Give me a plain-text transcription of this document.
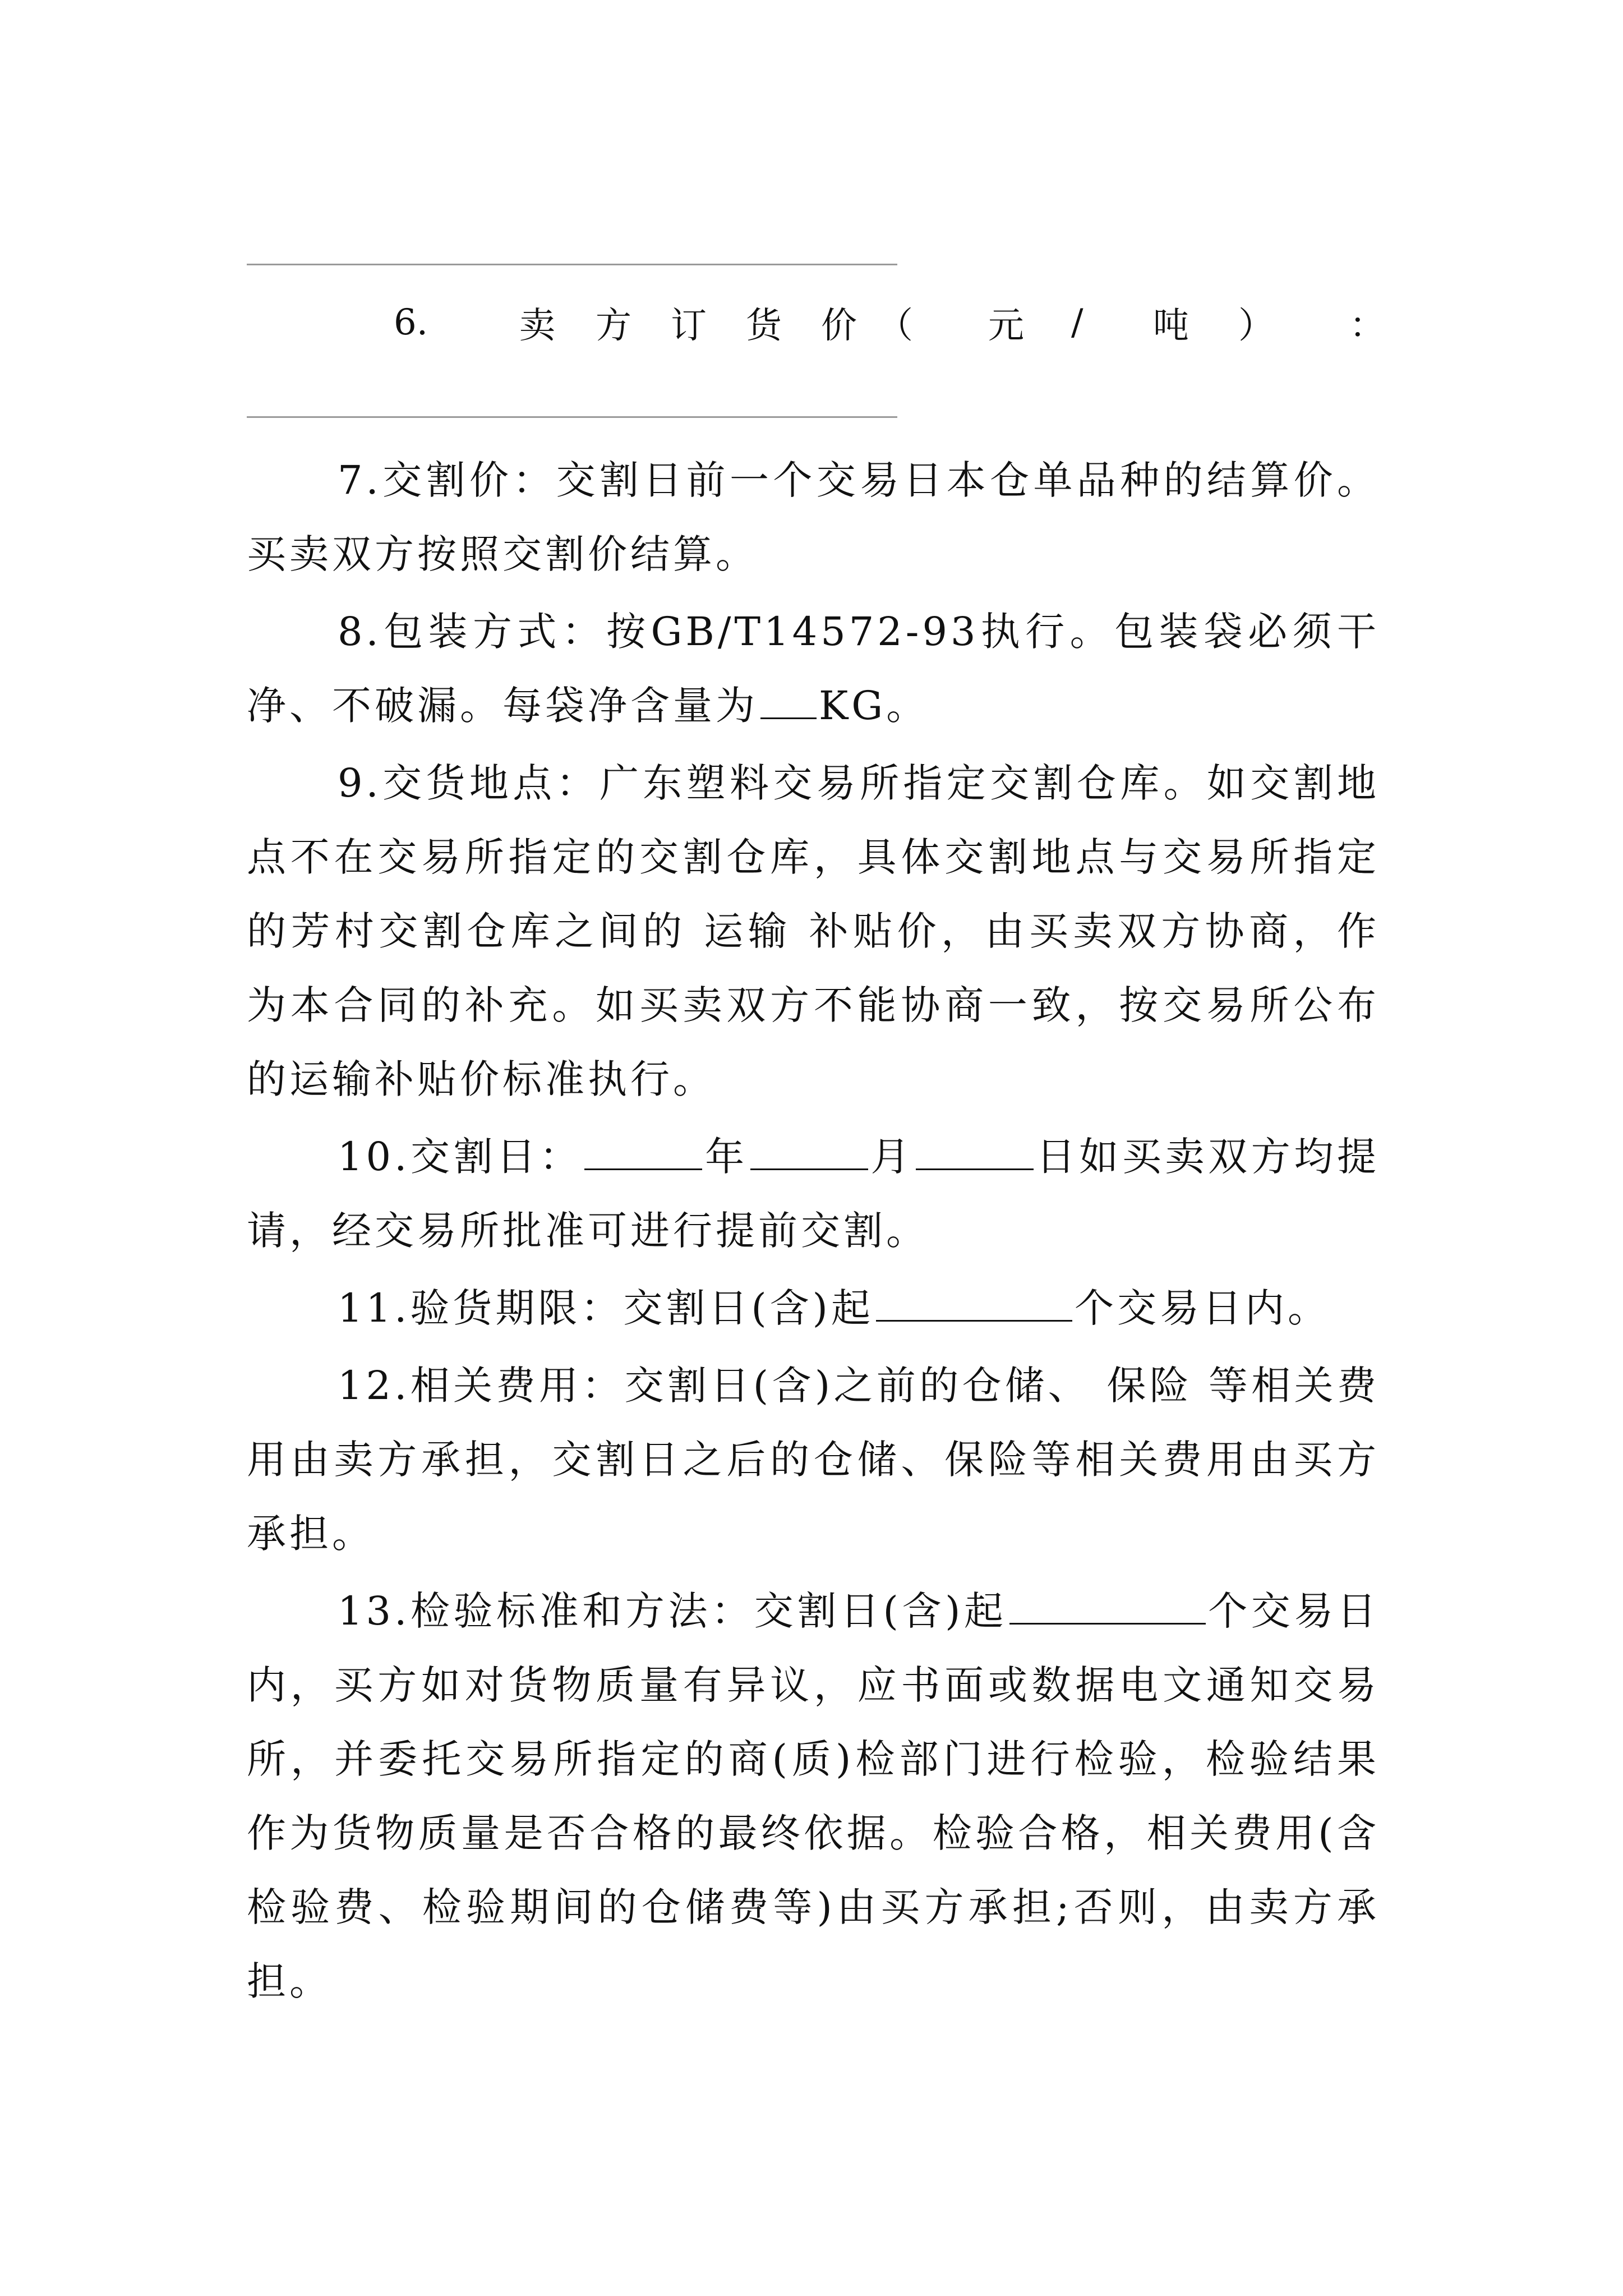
6.	卖 方 订 货 价 （ 元 / 吨 ） ：

7.交割价：交割日前一个交易日本仓单品种的结算价。买卖双方按照交割价结算。

8.包装方式：按GB/T14572-93执行。包装袋必须干净、不破漏。每袋净含量为 KG。

9.交货地点：广东塑料交易所指定交割仓库。如交割地点不在交易所指定的交割仓库，具体交割地点与交易所指定的芳村交割仓库之间的 运输 补贴价，由买卖双方协商，作为本合同的补充。如买卖双方不能协商一致，按交易所公布的运输补贴价标准执行。

10.交割日：	年	月	日如买卖双方均提请，经交易所批准可进行提前交割。

11.验货期限：交割日(含)起	个交易日内。

12.相关费用：交割日(含)之前的仓储、 保险 等相关费用由卖方承担，交割日之后的仓储、保险等相关费用由买方承担。

13.检验标准和方法：交割日(含)起	个交易日内，买方如对货物质量有异议，应书面或数据电文通知交易所，并委托交易所指定的商(质)检部门进行检验，检验结果作为货物质量是否合格的最终依据。检验合格，相关费用(含检验费、检验期间的仓储费等)由买方承担;否则，由卖方承担。
